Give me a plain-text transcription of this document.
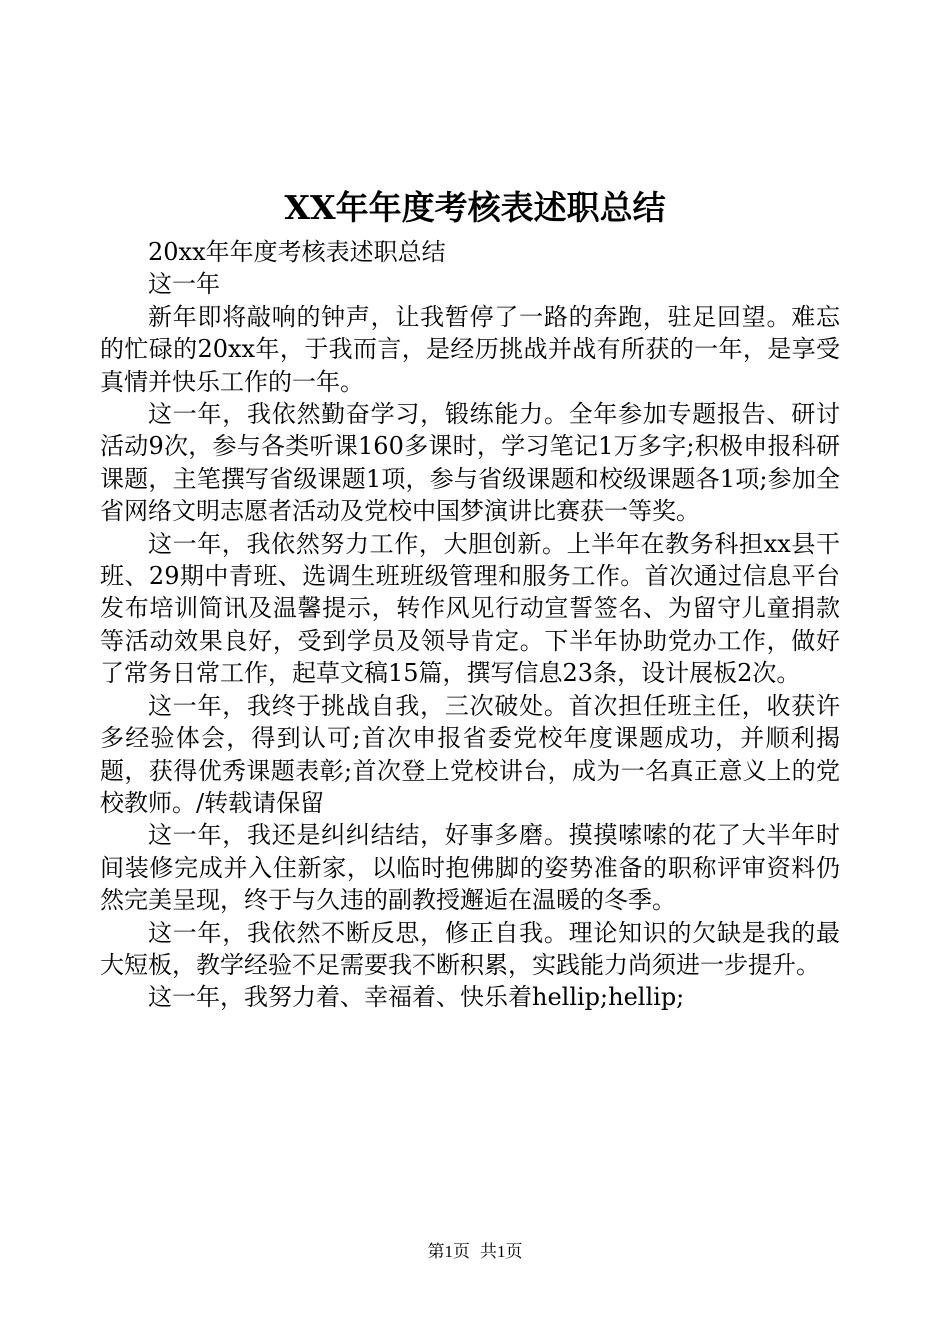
XX年年度考核表述职总结

20xx年年度考核表述职总结

这一年

新年即将敲响的钟声，让我暂停了一路的奔跑，驻足回望。难忘的忙碌的20xx年，于我而言，是经历挑战并战有所获的一年，是享受真情并快乐工作的一年。

这一年，我依然勤奋学习，锻练能力。全年参加专题报告、研讨活动9次，参与各类听课160多课时，学习笔记1万多字;积极申报科研课题，主笔撰写省级课题1项，参与省级课题和校级课题各1项;参加全省网络文明志愿者活动及党校中国梦演讲比赛获一等奖。

这一年，我依然努力工作，大胆创新。上半年在教务科担xx县干班、29期中青班、选调生班班级管理和服务工作。首次通过信息平台发布培训简讯及温馨提示，转作风见行动宣誓签名、为留守儿童捐款等活动效果良好，受到学员及领导肯定。下半年协助党办工作，做好了常务日常工作，起草文稿15篇，撰写信息23条，设计展板2次。

这一年，我终于挑战自我，三次破处。首次担任班主任，收获许多经验体会，得到认可;首次申报省委党校年度课题成功，并顺利揭题，获得优秀课题表彰;首次登上党校讲台，成为一名真正意义上的党校教师。/转载请保留

这一年，我还是纠纠结结，好事多磨。摸摸嗦嗦的花了大半年时间装修完成并入住新家，以临时抱佛脚的姿势准备的职称评审资料仍然完美呈现，终于与久违的副教授邂逅在温暖的冬季。

这一年，我依然不断反思，修正自我。理论知识的欠缺是我的最大短板，教学经验不足需要我不断积累，实践能力尚须进一步提升。

这一年，我努力着、幸福着、快乐着hellip;hellip;

第1页 共1页
